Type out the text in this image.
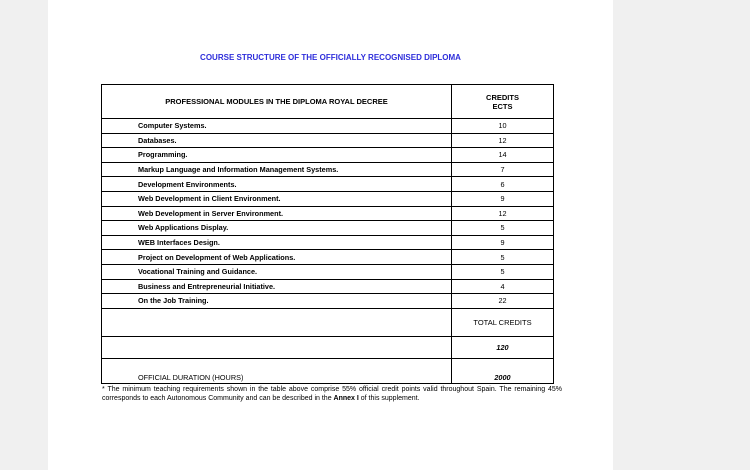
COURSE STRUCTURE OF THE OFFICIALLY RECOGNISED DIPLOMA
PROFESSIONAL MODULES IN THE DIPLOMA ROYAL DECREE	CREDITS
ECTS
Computer Systems.	10
Databases.	12
Programming.	14
Markup Language and Information Management Systems.	7
Development Environments.	6
Web Development in Client Environment.	9
Web Development in Server Environment.	12
Web Applications Display.	5
WEB Interfaces Design.	9
Project on Development of Web Applications.	5
Vocational Training and Guidance.	5
Business and Entrepreneurial Initiative.	4
On the Job Training.	22
	TOTAL CREDITS
	120
OFFICIAL DURATION (HOURS)	2000
* The minimum teaching requirements shown in the table above comprise 55% official credit points valid throughout Spain. The remaining 45% corresponds to each Autonomous Community and can be described in the Annex I of this supplement.
